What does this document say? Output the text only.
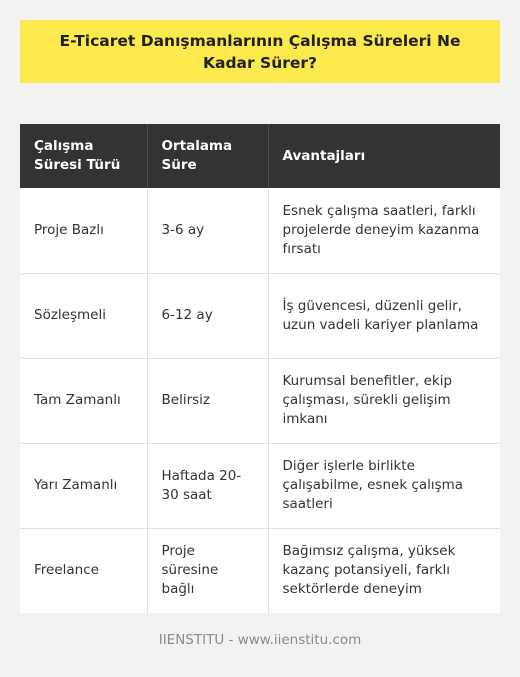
E-Ticaret Danışmanlarının Çalışma Süreleri Ne Kadar Sürer?
Çalışma Süresi Türü	Ortalama Süre	Avantajları
Proje Bazlı	3-6 ay	Esnek çalışma saatleri, farklı projelerde deneyim kazanma fırsatı
Sözleşmeli	6-12 ay	İş güvencesi, düzenli gelir, uzun vadeli kariyer planlama
Tam Zamanlı	Belirsiz	Kurumsal benefitler, ekip çalışması, sürekli gelişim imkanı
Yarı Zamanlı	Haftada 20-30 saat	Diğer işlerle birlikte çalışabilme, esnek çalışma saatleri
Freelance	Proje süresine bağlı	Bağımsız çalışma, yüksek kazanç potansiyeli, farklı sektörlerde deneyim
IIENSTITU - www.iienstitu.com
